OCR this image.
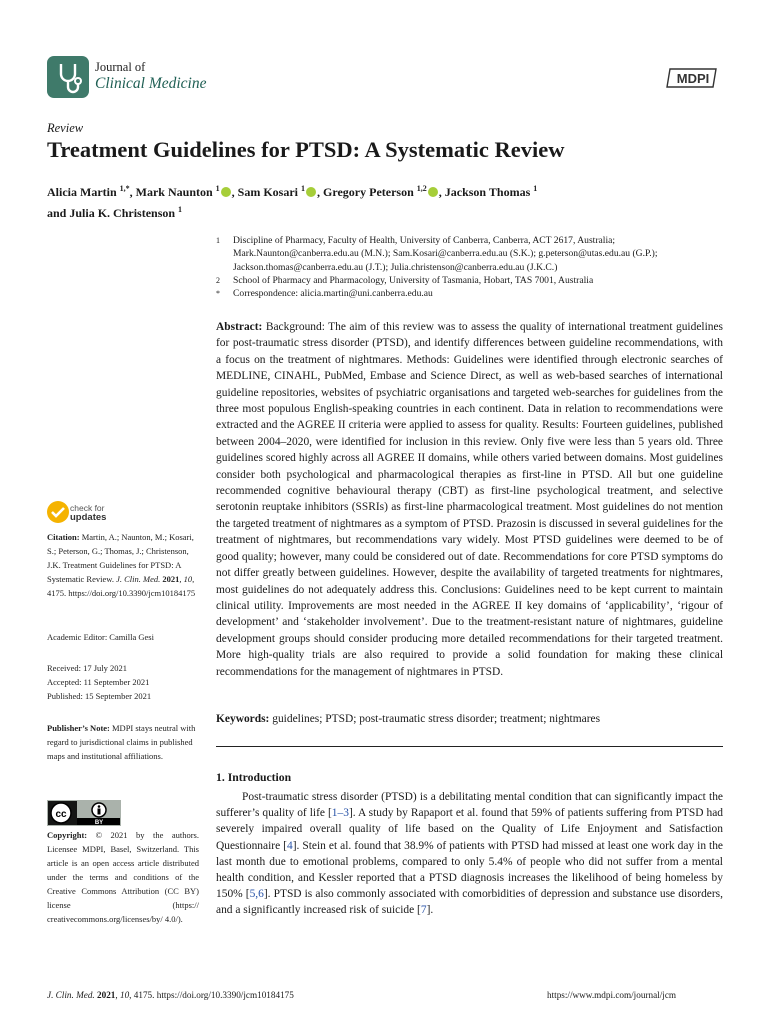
Journal of
Clinical Medicine	MDPI
Review
Treatment Guidelines for PTSD: A Systematic Review
Alicia Martin $^{1,*}$, Mark Naunton $^1$ , Sam Kosari $^1$ , Gregory Peterson $^{1,2}$ , Jackson Thomas $^1$
and Julia K. Christenson $^1$
1	Discipline of Pharmacy, Faculty of Health, University of Canberra, Canberra, ACT 2617, Australia;
Mark.Naunton@canberra.edu.au (M.N.); Sam.Kosari@canberra.edu.au (S.K.); g.peterson@utas.edu.au (G.P.);
Jackson.thomas@canberra.edu.au (J.T.); Julia.christenson@canberra.edu.au (J.K.C.)
2	School of Pharmacy and Pharmacology, University of Tasmania, Hobart, TAS 7001, Australia
*	Correspondence: alicia.martin@uni.canberra.edu.au
Abstract: Background: The aim of this review was to assess the quality of international treatment guidelines for post-traumatic stress disorder (PTSD), and identify differences between guideline recommendations, with a focus on the treatment of nightmares. Methods: Guidelines were identified through electronic searches of MEDLINE, CINAHL, PubMed, Embase and Science Direct, as well as web-based searches of international guideline repositories, websites of psychiatric organisations and targeted web-searches for guidelines from the three most populous English-speaking countries in each continent. Data in relation to recommendations were extracted and the AGREE II criteria were applied to assess for quality. Results: Fourteen guidelines, published between 2004–2020, were identified for inclusion in this review. Only five were less than 5 years old. Three guidelines scored highly across all AGREE II domains, while others varied between domains. Most guidelines consider both psychological and pharmacological therapies as first-line in PTSD. All but one guideline recommended cognitive behavioural therapy (CBT) as first-line psychological treatment, and selective serotonin reuptake inhibitors (SSRIs) as first-line pharmacological treatment. Most guidelines do not mention the targeted treatment of nightmares as a symptom of PTSD. Prazosin is discussed in several guidelines for the treatment of nightmares, but recommendations vary widely. Most PTSD guidelines were deemed to be of good quality; however, many could be considered out of date. Recommendations for core PTSD symptoms do not differ greatly between guidelines. However, despite the availability of targeted treatments for nightmares, most guidelines do not adequately address this. Conclusions: Guidelines need to be kept current to maintain clinical utility. Improvements are most needed in the AGREE II key domains of ‘applicability’, ‘rigour of development’ and ‘stakeholder involvement’. Due to the treatment-resistant nature of nightmares, guideline development groups should consider producing more detailed recommendations for their targeted treatment. More high-quality trials are also required to provide a solid foundation for making these clinical recommendations for the management of nightmares in PTSD.
Keywords: guidelines; PTSD; post-traumatic stress disorder; treatment; nightmares
1. Introduction
Post-traumatic stress disorder (PTSD) is a debilitating mental condition that can significantly impact the sufferer’s quality of life [1–3]. A study by Rapaport et al. found that 59% of patients suffering from PTSD had severely impaired overall quality of life based on the Quality of Life Enjoyment and Satisfaction Questionnaire [4]. Stein et al. found that 38.9% of patients with PTSD had missed at least one work day in the last month due to emotional problems, compared to only 5.4% of people who did not suffer from a mental health condition, and Kessler reported that a PTSD diagnosis increases the likelihood of being homeless by 150% [5,6]. PTSD is also commonly associated with comorbidities of depression and substance use disorders, and a significantly increased risk of suicide [7].
check for
updates
Citation: Martin, A.; Naunton, M.; Kosari, S.; Peterson, G.; Thomas, J.; Christenson, J.K. Treatment Guidelines for PTSD: A Systematic Review. J. Clin. Med. 2021, 10, 4175. https://doi.org/10.3390/jcm10184175
Academic Editor: Camilla Gesi
Received: 17 July 2021
Accepted: 11 September 2021
Published: 15 September 2021
Publisher’s Note: MDPI stays neutral with regard to jurisdictional claims in published maps and institutional affiliations.
cc
BY
Copyright: © 2021 by the authors. Licensee MDPI, Basel, Switzerland. This article is an open access article distributed under the terms and conditions of the Creative Commons Attribution (CC BY) license (https:// creativecommons.org/licenses/by/ 4.0/).
J. Clin. Med. 2021, 10, 4175. https://doi.org/10.3390/jcm10184175	https://www.mdpi.com/journal/jcm
